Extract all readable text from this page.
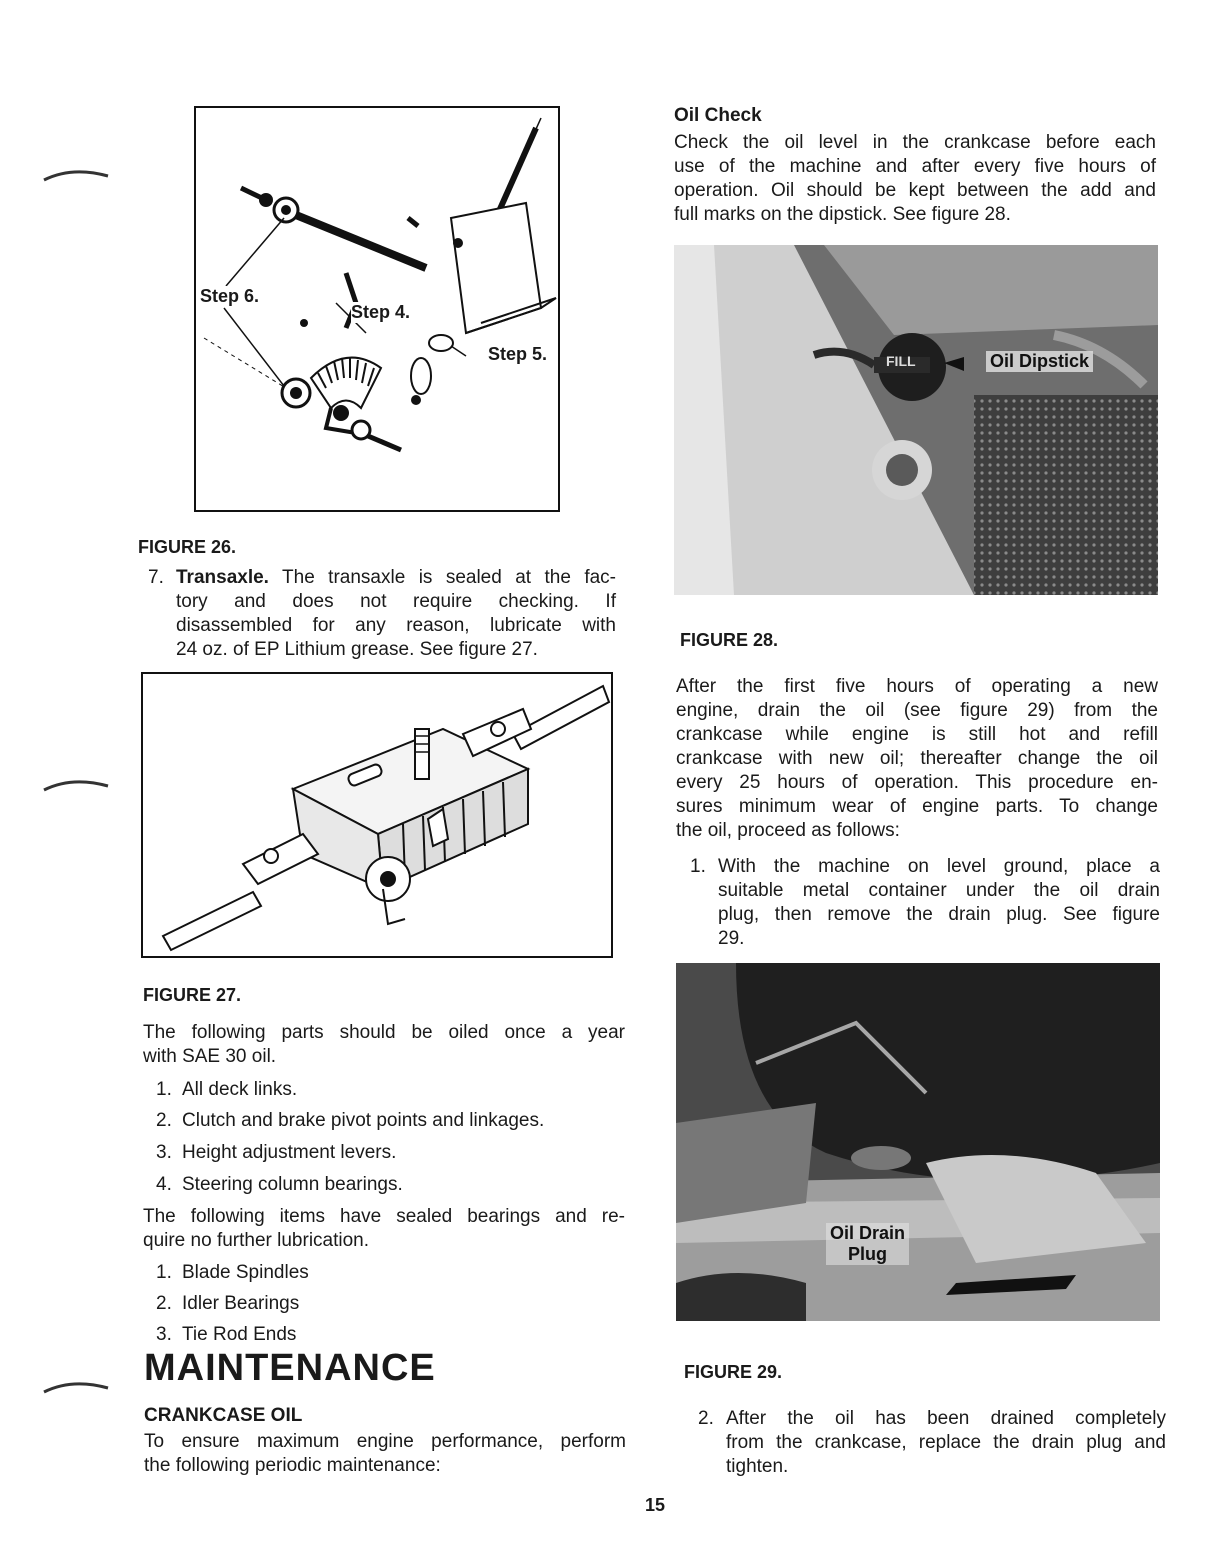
Step 6.
Step 4.
Step 5.
FIGURE 26.
7. Transaxle. The transaxle is sealed at the fac-
tory and does not require checking. If
disassembled for any reason, lubricate with
24 oz. of EP Lithium grease. See figure 27.
FIGURE 27.
The following parts should be oiled once a year
with SAE 30 oil.
1. All deck links.
2. Clutch and brake pivot points and linkages.
3. Height adjustment levers.
4. Steering column bearings.
The following items have sealed bearings and re-
quire no further lubrication.
1. Blade Spindles
2. Idler Bearings
3. Tie Rod Ends
MAINTENANCE
CRANKCASE OIL
To ensure maximum engine performance, perform
the following periodic maintenance:
Oil Check
Check the oil level in the crankcase before each
use of the machine and after every five hours of
operation. Oil should be kept between the add and
full marks on the dipstick. See figure 28.
FILL	Oil Dipstick
FIGURE 28.
After the first five hours of operating a new
engine, drain the oil (see figure 29) from the
crankcase while engine is still hot and refill
crankcase with new oil; thereafter change the oil
every 25 hours of operation. This procedure en-
sures minimum wear of engine parts. To change
the oil, proceed as follows:
1. With the machine on level ground, place a
suitable metal container under the oil drain
plug, then remove the drain plug. See figure
29.
Oil Drain
Plug
FIGURE 29.
2. After the oil has been drained completely
from the crankcase, replace the drain plug and
tighten.
15
